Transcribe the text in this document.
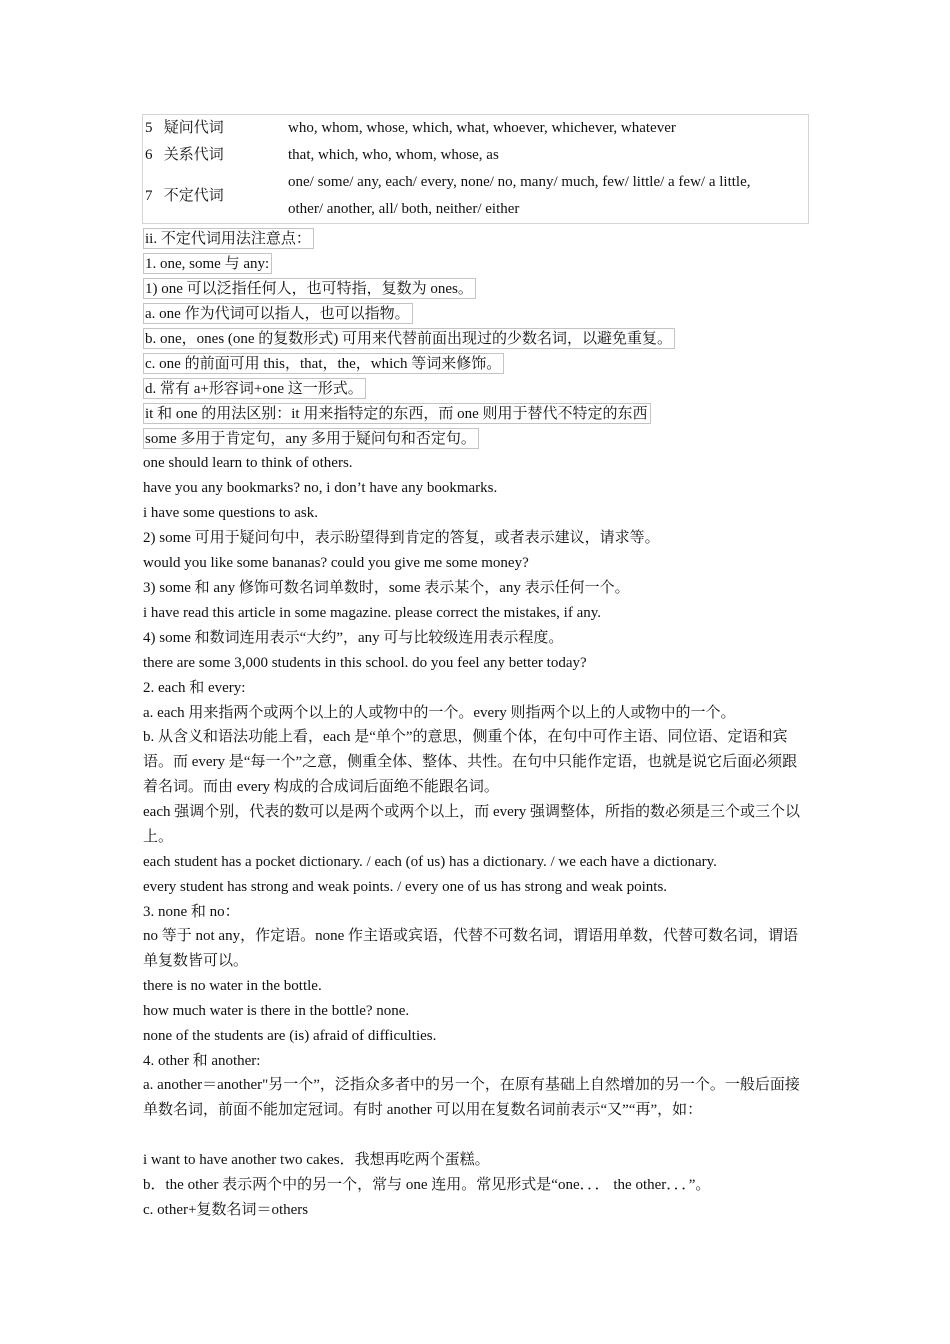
5 疑问代词	who, whom, whose, which, what, whoever, whichever, whatever
6 关系代词	that, which, who, whom, whose, as
7 不定代词	one/ some/ any, each/ every, none/ no, many/ much, few/ little/ a few/ a little,
other/ another, all/ both, neither/ either
ii. 不定代词用法注意点：
1. one, some 与 any:
1) one 可以泛指任何人，也可特指，复数为 ones。
a. one 作为代词可以指人，也可以指物。
b. one，ones (one 的复数形式) 可用来代替前面出现过的少数名词，以避免重复。
c. one 的前面可用 this，that，the，which 等词来修饰。
d. 常有 a+形容词+one 这一形式。
it 和 one 的用法区别：it 用来指特定的东西，而 one 则用于替代不特定的东西
some 多用于肯定句，any 多用于疑问句和否定句。
one should learn to think of others.
have you any bookmarks? no, i don’t have any bookmarks.
i have some questions to ask.
2) some 可用于疑问句中，表示盼望得到肯定的答复，或者表示建议，请求等。
would you like some bananas? could you give me some money?
3) some 和 any 修饰可数名词单数时，some 表示某个，any 表示任何一个。
i have read this article in some magazine. please correct the mistakes, if any.
4) some 和数词连用表示“大约”，any 可与比较级连用表示程度。
there are some 3,000 students in this school. do you feel any better today?
2. each 和 every:
a. each 用来指两个或两个以上的人或物中的一个。every 则指两个以上的人或物中的一个。
b. 从含义和语法功能上看，each 是“单个”的意思，侧重个体，在句中可作主语、同位语、定语和宾语。而 every 是“每一个”之意，侧重全体、整体、共性。在句中只能作定语，也就是说它后面必须跟着名词。而由 every 构成的合成词后面绝不能跟名词。
each 强调个别，代表的数可以是两个或两个以上，而 every 强调整体，所指的数必须是三个或三个以上。
each student has a pocket dictionary. / each (of us) has a dictionary. / we each have a dictionary.
every student has strong and weak points. / every one of us has strong and weak points.
3. none 和 no：
no 等于 not any，作定语。none 作主语或宾语，代替不可数名词，谓语用单数，代替可数名词，谓语单复数皆可以。
there is no water in the bottle.
how much water is there in the bottle? none.
none of the students are (is) afraid of difficulties.
4. other 和 another:
a. another＝another"另一个”，泛指众多者中的另一个，在原有基础上自然增加的另一个。一般后面接单数名词，前面不能加定冠词。有时 another 可以用在复数名词前表示“又”“再”，如：
i want to have another two cakes．我想再吃两个蛋糕。
b．the other 表示两个中的另一个，常与 one 连用。常见形式是“one．．． the other．．．”。
c. other+复数名词＝others
